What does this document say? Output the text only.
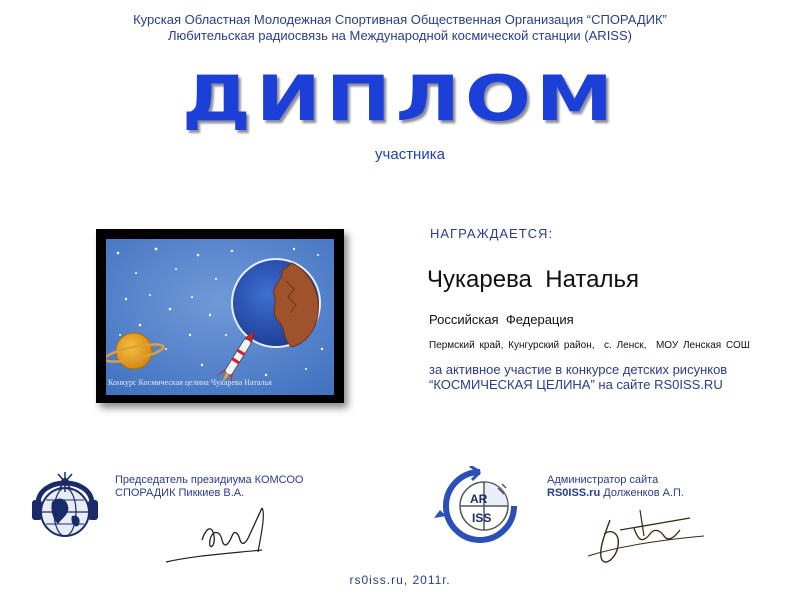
Курская Областная Молодежная Спортивная Общественная Организация “СПОРАДИК”
Любительская радиосвязь на Международной космической станции (ARISS)
ДИПЛОМ
участника
Конкурс Космическая целина Чукарева Наталья
НАГРАЖДАЕТСЯ:
Чукарева  Наталья
Российская  Федерация
Пермский край, Кунгурский район,  с. Ленск,  МОУ Ленская СОШ
за активное участие в конкурсе детских рисунков “КОСМИЧЕСКАЯ ЦЕЛИНА” на сайте RS0ISS.RU
Председатель президиума КОМСОО
СПОРАДИК Пиккиев В.А.	AR
ISS
Администратор сайта
RS0ISS.ru Долженков А.П.
rs0iss.ru, 2011г.
